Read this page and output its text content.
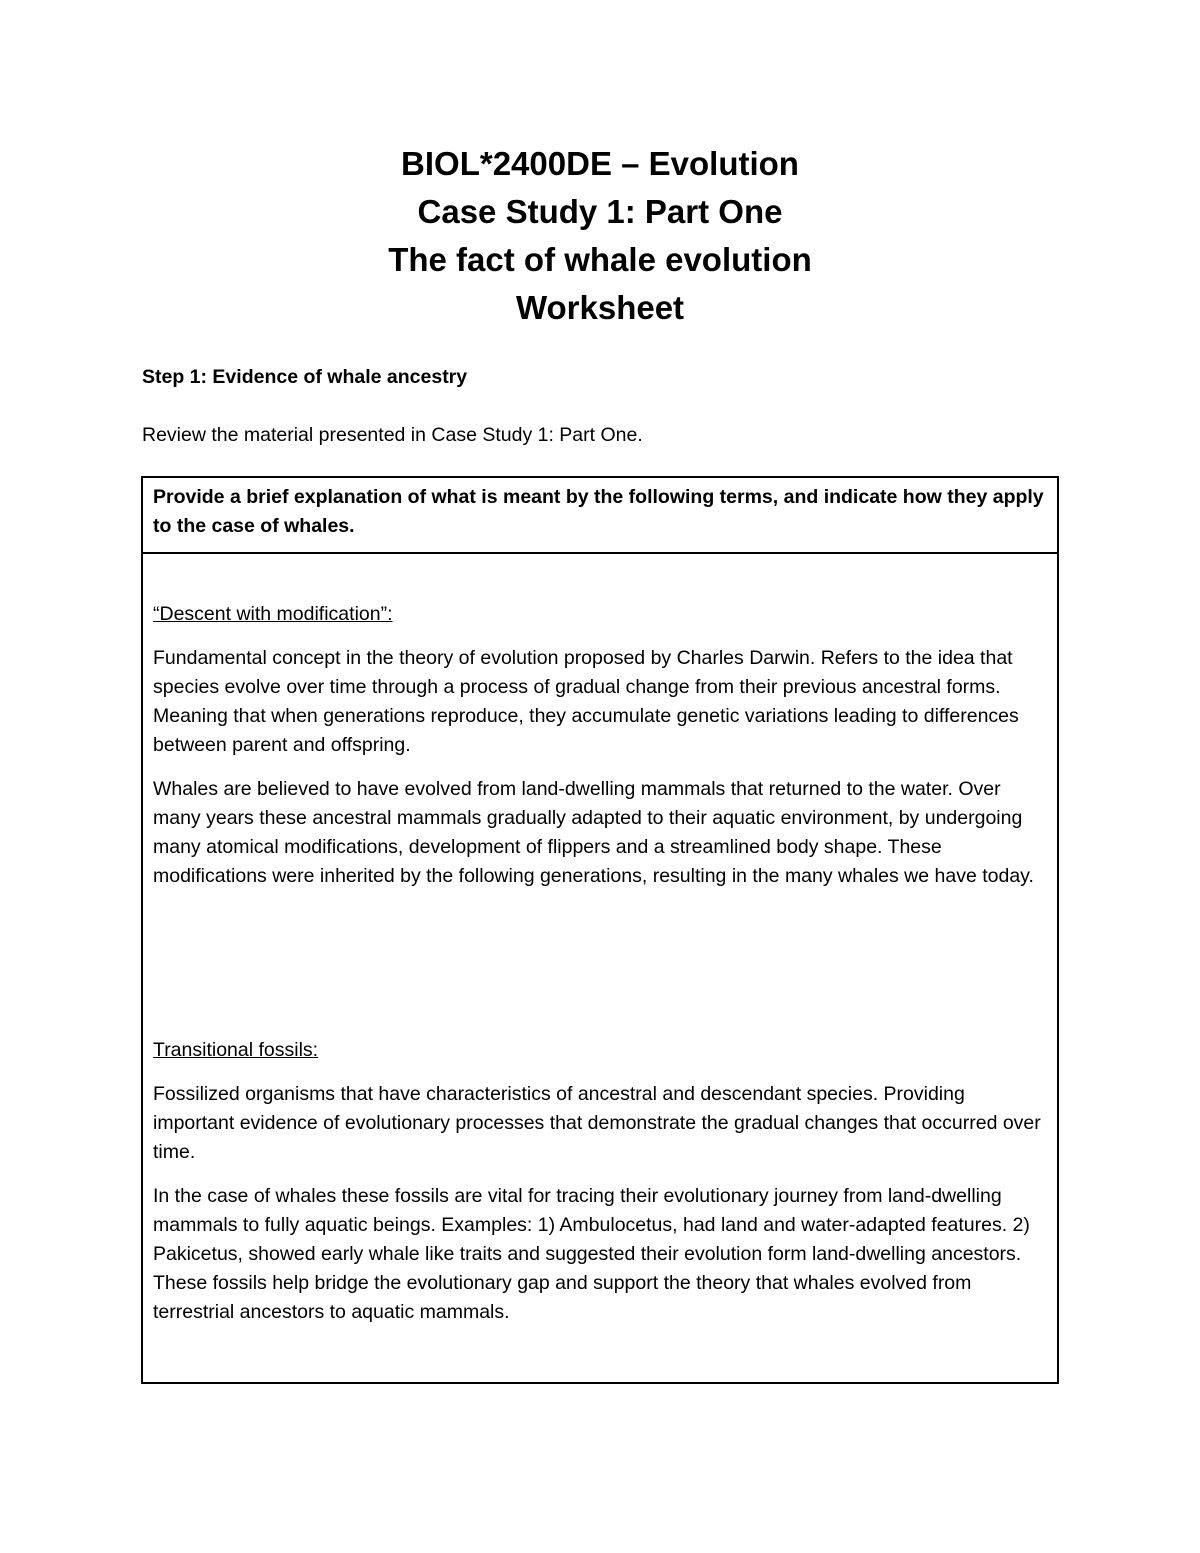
BIOL*2400DE – Evolution
Case Study 1: Part One
The fact of whale evolution
Worksheet
Step 1: Evidence of whale ancestry
Review the material presented in Case Study 1: Part One.
Provide a brief explanation of what is meant by the following terms, and indicate how they apply to the case of whales.
“Descent with modification”:
Fundamental concept in the theory of evolution proposed by Charles Darwin. Refers to the idea that species evolve over time through a process of gradual change from their previous ancestral forms. Meaning that when generations reproduce, they accumulate genetic variations leading to differences between parent and offspring.
Whales are believed to have evolved from land-dwelling mammals that returned to the water. Over many years these ancestral mammals gradually adapted to their aquatic environment, by undergoing many atomical modifications, development of flippers and a streamlined body shape. These modifications were inherited by the following generations, resulting in the many whales we have today.
Transitional fossils:
Fossilized organisms that have characteristics of ancestral and descendant species. Providing important evidence of evolutionary processes that demonstrate the gradual changes that occurred over time.
In the case of whales these fossils are vital for tracing their evolutionary journey from land-dwelling mammals to fully aquatic beings. Examples: 1) Ambulocetus, had land and water-adapted features. 2) Pakicetus, showed early whale like traits and suggested their evolution form land-dwelling ancestors. These fossils help bridge the evolutionary gap and support the theory that whales evolved from terrestrial ancestors to aquatic mammals.
